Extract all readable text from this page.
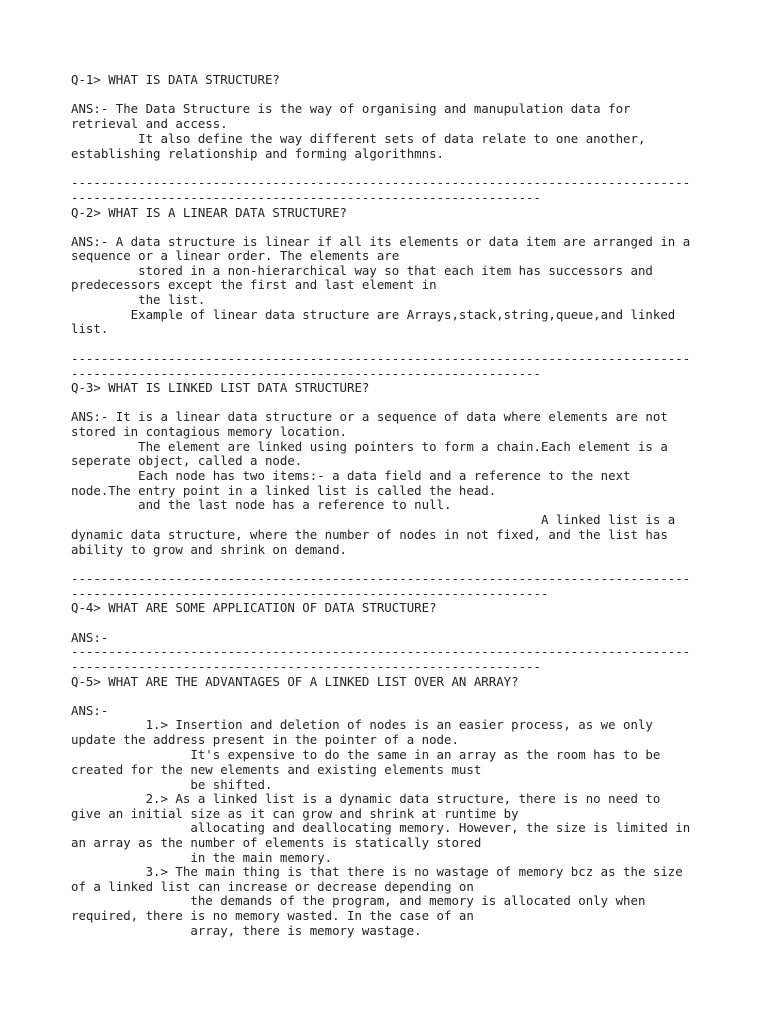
Q-1> WHAT IS DATA STRUCTURE?
ANS:- The Data Structure is the way of organising and manupulation data for
retrieval and access.
It also define the way different sets of data relate to one another,
establishing relationship and forming algorithmns.
-----------------------------------------------------------------------------------
---------------------------------------------------------------
Q-2> WHAT IS A LINEAR DATA STRUCTURE?
ANS:- A data structure is linear if all its elements or data item are arranged in a
sequence or a linear order. The elements are
stored in a non-hierarchical way so that each item has successors and
predecessors except the first and last element in
the list.
Example of linear data structure are Arrays,stack,string,queue,and linked
list.
-----------------------------------------------------------------------------------
---------------------------------------------------------------
Q-3> WHAT IS LINKED LIST DATA STRUCTURE?
ANS:- It is a linear data structure or a sequence of data where elements are not
stored in contagious memory location.
The element are linked using pointers to form a chain.Each element is a
seperate object, called a node.
Each node has two items:- a data field and a reference to the next
node.The entry point in a linked list is called the head.
and the last node has a reference to null.
A linked list is a
dynamic data structure, where the number of nodes in not fixed, and the list has
ability to grow and shrink on demand.
-----------------------------------------------------------------------------------
----------------------------------------------------------------
Q-4> WHAT ARE SOME APPLICATION OF DATA STRUCTURE?
ANS:-
-----------------------------------------------------------------------------------
---------------------------------------------------------------
Q-5> WHAT ARE THE ADVANTAGES OF A LINKED LIST OVER AN ARRAY?
ANS:-
1.> Insertion and deletion of nodes is an easier process, as we only
update the address present in the pointer of a node.
It's expensive to do the same in an array as the room has to be
created for the new elements and existing elements must
be shifted.
2.> As a linked list is a dynamic data structure, there is no need to
give an initial size as it can grow and shrink at runtime by
allocating and deallocating memory. However, the size is limited in
an array as the number of elements is statically stored
in the main memory.
3.> The main thing is that there is no wastage of memory bcz as the size
of a linked list can increase or decrease depending on
the demands of the program, and memory is allocated only when
required, there is no memory wasted. In the case of an
array, there is memory wastage.
